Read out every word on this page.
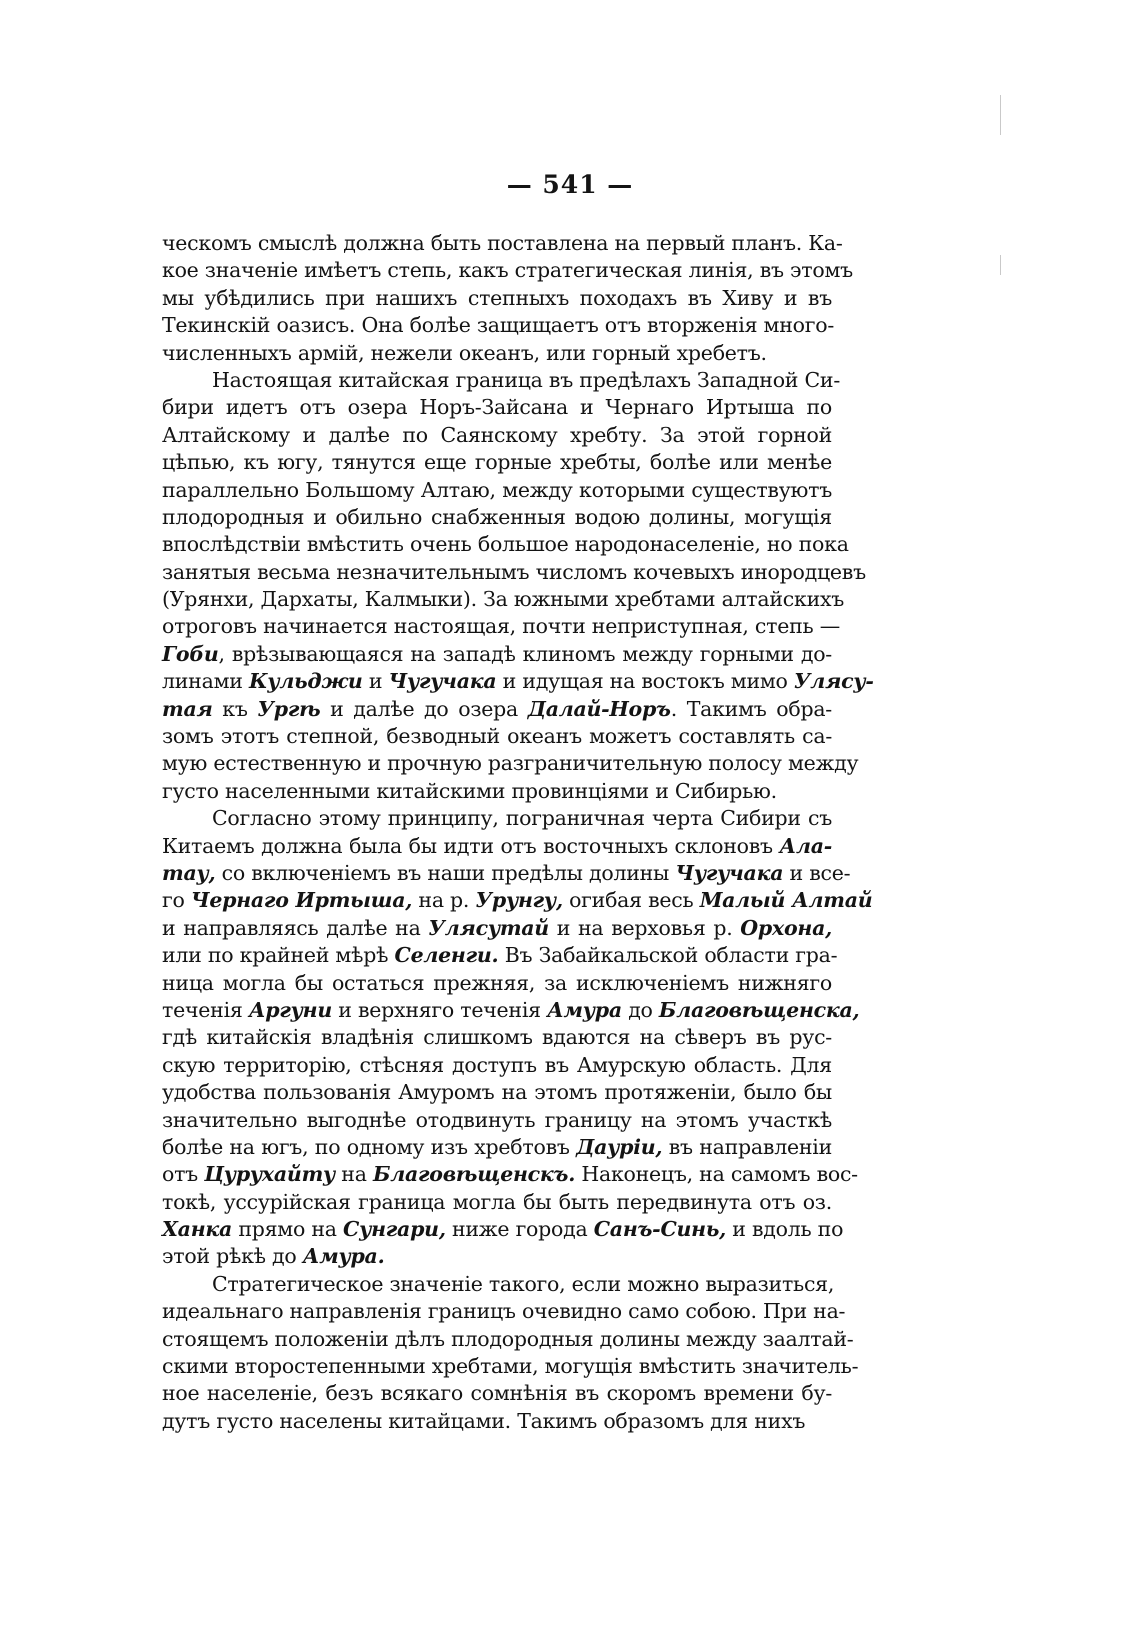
— 541 —
ческомъ смыслѣ должна быть поставлена на первый планъ. Ка-
кое значенiе имѣетъ степь, какъ стратегическая линiя, въ этомъ
мы убѣдились при нашихъ степныхъ походахъ въ Хиву и въ
Текинскiй оазисъ. Она болѣе защищаетъ отъ вторженiя много-
численныхъ армiй, нежели океанъ, или горный хребетъ.
Настоящая китайская граница въ предѣлахъ Западной Си-
бири идетъ отъ озера Норъ-Зайсана и Чернаго Иртыша по
Алтайскому и далѣе по Саянскому хребту. За этой горной
цѣпью, къ югу, тянутся еще горные хребты, болѣе или менѣе
параллельно Большому Алтаю, между которыми существуютъ
плодородныя и обильно снабженныя водою долины, могущiя
впослѣдствiи вмѣстить очень большое народонаселенiе, но пока
занятыя весьма незначительнымъ числомъ кочевыхъ инородцевъ
(Урянхи, Дархаты, Калмыки). За южными хребтами алтайскихъ
отроговъ начинается настоящая, почти неприступная, степь —
Гоби, врѣзывающаяся на западѣ клиномъ между горными до-
линами Кульджи и Чугучака и идущая на востокъ мимо Улясу-
тая къ Ургѣ и далѣе до озера Далай-Норъ. Такимъ обра-
зомъ этотъ степной, безводный океанъ можетъ составлять са-
мую естественную и прочную разграничительную полосу между
густо населенными китайскими провинцiями и Сибирью.
Согласно этому принципу, пограничная черта Сибири съ
Китаемъ должна была бы идти отъ восточныхъ склоновъ Ала-
тау, со включенiемъ въ наши предѣлы долины Чугучака и все-
го Чернаго Иртыша, на р. Урунгу, огибая весь Малый Алтай
и направляясь далѣе на Улясутай и на верховья р. Орхона,
или по крайней мѣрѣ Селенги. Въ Забайкальской области гра-
ница могла бы остаться прежняя, за исключенiемъ нижняго
теченiя Аргуни и верхняго теченiя Амура до Благовѣщенска,
гдѣ китайскiя владѣнiя слишкомъ вдаются на сѣверъ въ рус-
скую территорiю, стѣсняя доступъ въ Амурскую область. Для
удобства пользованiя Амуромъ на этомъ протяженiи, было бы
значительно выгоднѣе отодвинуть границу на этомъ участкѣ
болѣе на югъ, по одному изъ хребтовъ Даурiи, въ направленiи
отъ Цурухайту на Благовѣщенскъ. Наконецъ, на самомъ вос-
токѣ, уссурiйская граница могла бы быть передвинута отъ оз.
Ханка прямо на Сунгари, ниже города Санъ-Синь, и вдоль по
этой рѣкѣ до Амура.
Стратегическое значенiе такого, если можно выразиться,
идеальнаго направленiя границъ очевидно само собою. При на-
стоящемъ положенiи дѣлъ плодородныя долины между заалтай-
скими второстепенными хребтами, могущiя вмѣстить значитель-
ное населенiе, безъ всякаго сомнѣнiя въ скоромъ времени бу-
дутъ густо населены китайцами. Такимъ образомъ для нихъ
